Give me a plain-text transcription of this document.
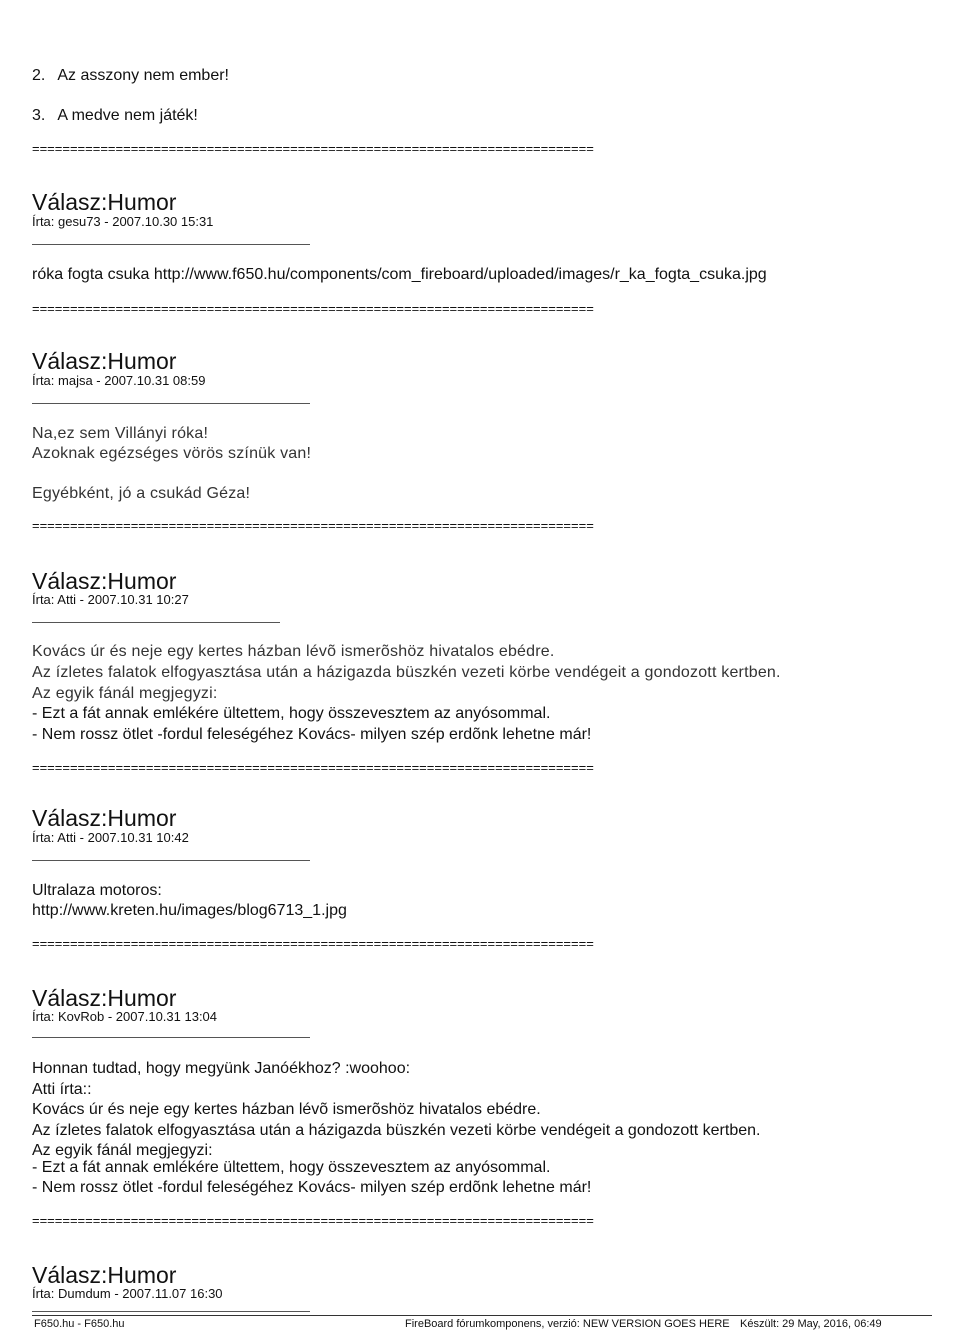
2. Az asszony nem ember!
3. A medve nem játék!
==========================================================================
Válasz:Humor
Írta: gesu73 - 2007.10.30 15:31
róka fogta csuka http://www.f650.hu/components/com_fireboard/uploaded/images/r_ka_fogta_csuka.jpg
==========================================================================
Válasz:Humor
Írta: majsa - 2007.10.31 08:59
Na,ez sem Villányi róka!
Azoknak egézséges vörös színük van!
Egyébként, jó a csukád Géza!
==========================================================================
Válasz:Humor
Írta: Atti - 2007.10.31 10:27
Kovács úr és neje egy kertes házban lévõ ismerõshöz hivatalos ebédre.
Az ízletes falatok elfogyasztása után a házigazda büszkén vezeti körbe vendégeit a gondozott kertben.
Az egyik fánál megjegyzi:
- Ezt a fát annak emlékére ültettem, hogy összevesztem az anyósommal.
- Nem rossz ötlet -fordul feleségéhez Kovács- milyen szép erdõnk lehetne már!
==========================================================================
Válasz:Humor
Írta: Atti - 2007.10.31 10:42
Ultralaza motoros:
http://www.kreten.hu/images/blog6713_1.jpg
==========================================================================
Válasz:Humor
Írta: KovRob - 2007.10.31 13:04
Honnan tudtad, hogy megyünk Janóékhoz? :woohoo:
Atti írta::
Kovács úr és neje egy kertes házban lévõ ismerõshöz hivatalos ebédre.
Az ízletes falatok elfogyasztása után a házigazda büszkén vezeti körbe vendégeit a gondozott kertben.
Az egyik fánál megjegyzi:
- Ezt a fát annak emlékére ültettem, hogy összevesztem az anyósommal.
- Nem rossz ötlet -fordul feleségéhez Kovács- milyen szép erdõnk lehetne már!
==========================================================================
Válasz:Humor
Írta: Dumdum - 2007.11.07 16:30
F650.hu - F650.hu	FireBoard fórumkomponens, verzió: NEW VERSION GOES HERE Készült: 29 May, 2016, 06:49
